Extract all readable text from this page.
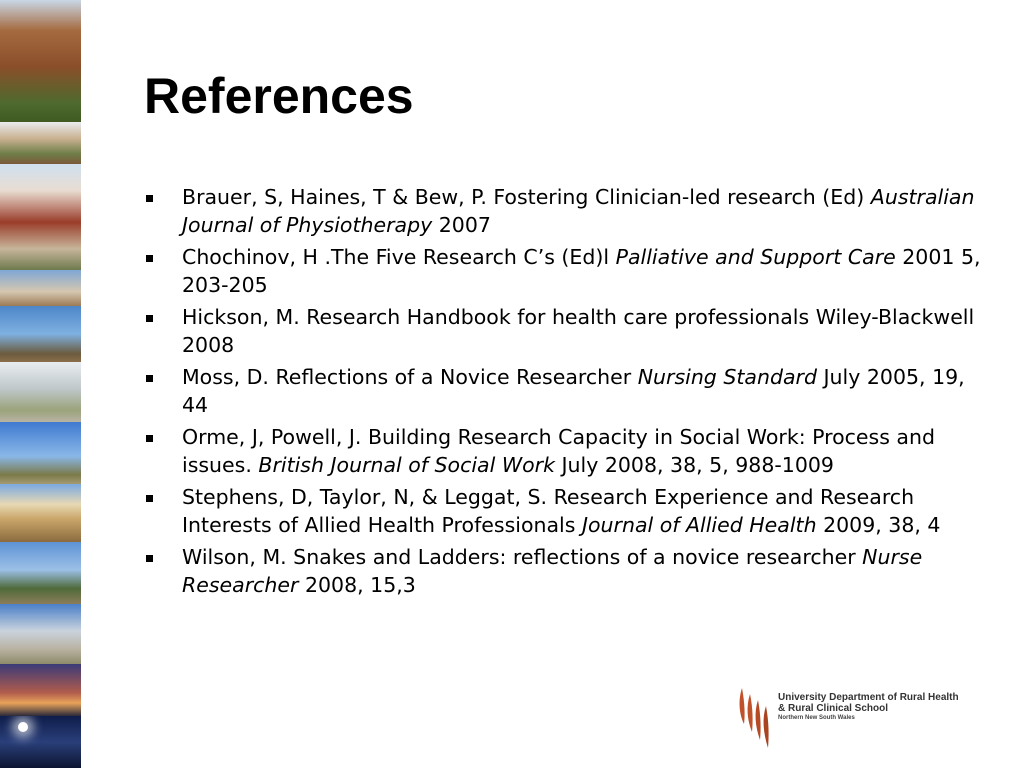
References
Brauer, S, Haines, T & Bew, P. Fostering Clinician-led research (Ed) Australian Journal of Physiotherapy 2007
Chochinov, H .The Five Research C’s (Ed)l Palliative and Support Care 2001 5, 203-205
Hickson, M. Research Handbook for health care professionals Wiley-Blackwell 2008
Moss, D. Reflections of a Novice Researcher Nursing Standard July 2005, 19, 44
Orme, J, Powell, J. Building Research Capacity in Social Work: Process and issues. British Journal of Social Work July 2008, 38, 5, 988-1009
Stephens, D, Taylor, N, & Leggat, S. Research Experience and Research Interests of Allied Health Professionals Journal of Allied Health 2009, 38, 4
Wilson, M. Snakes and Ladders: reflections of a novice researcher Nurse Researcher 2008, 15,3
University Department of Rural Health
& Rural Clinical School
Northern New South Wales
